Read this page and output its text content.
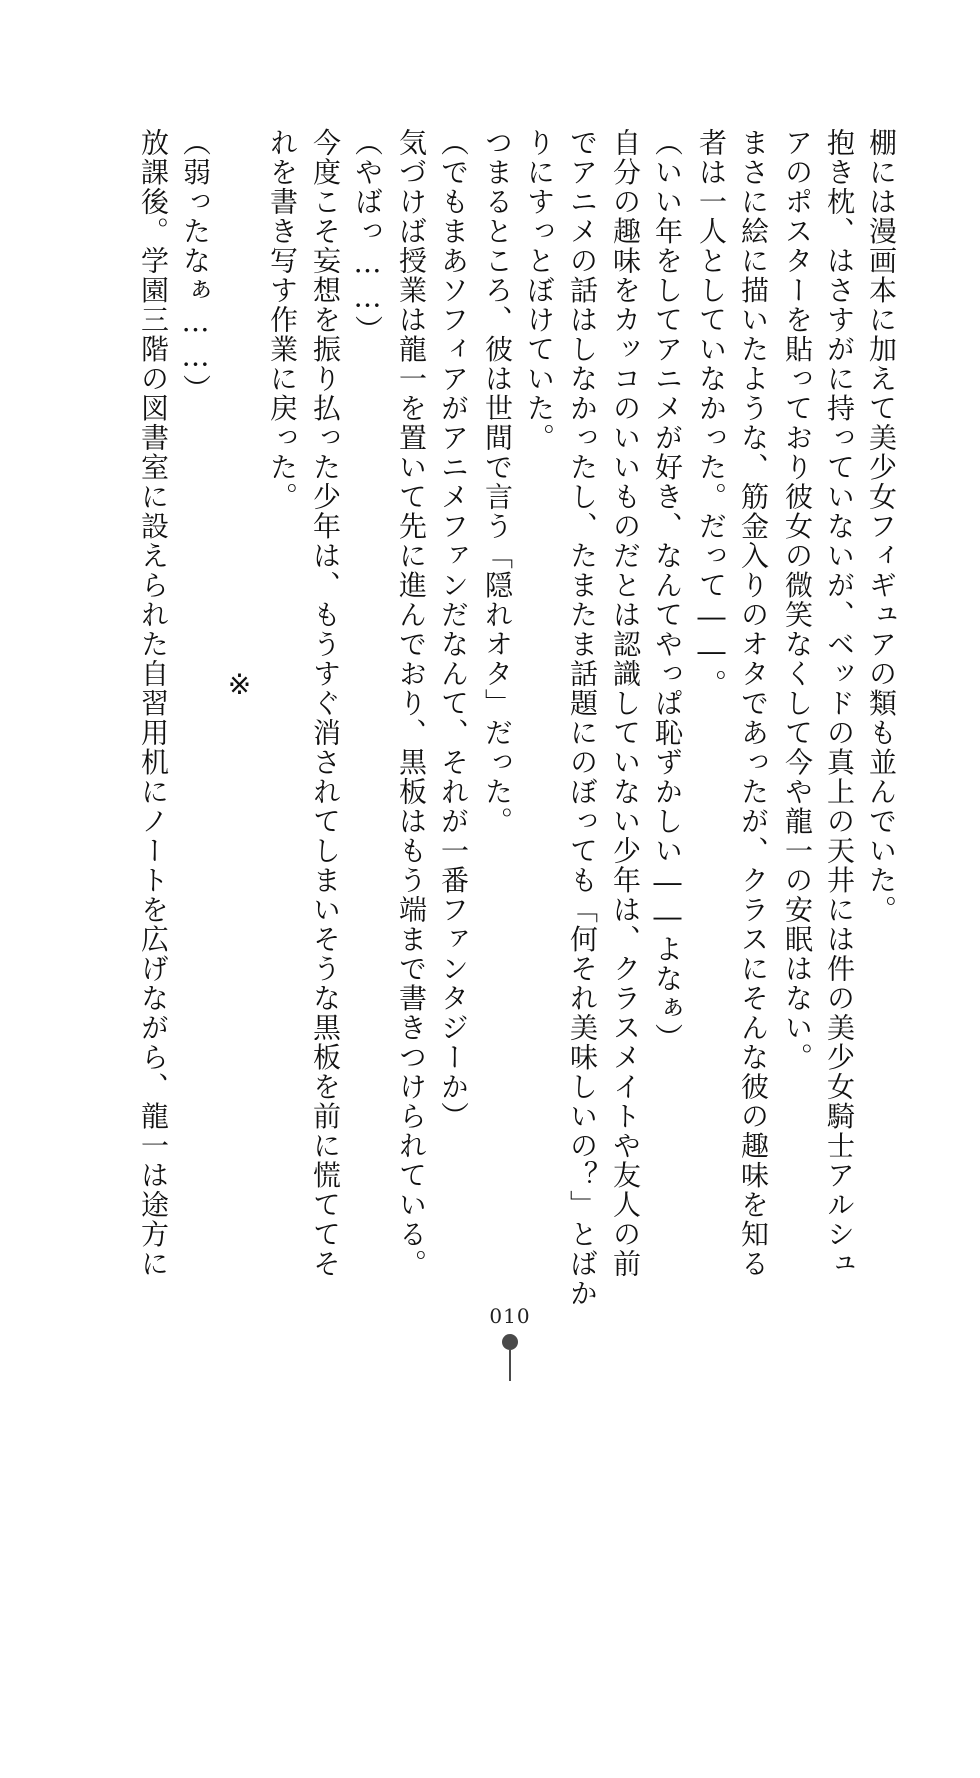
棚には漫画本に加えて美少女フィギュアの類も並んでいた。
抱き枕、はさすがに持っていないが、ベッドの真上の天井には件の美少女騎士アルシュ
アのポスターを貼っており彼女の微笑なくして今や龍一の安眠はない。
まさに絵に描いたような、筋金入りのオタであったが、クラスにそんな彼の趣味を知る
者は一人としていなかった。だって――。
（いい年をしてアニメが好き、なんてやっぱ恥ずかしい――よなぁ）
自分の趣味をカッコのいいものだとは認識していない少年は、クラスメイトや友人の前
でアニメの話はしなかったし、たまたま話題にのぼっても「何それ美味しいの？」とばか
りにすっとぼけていた。
つまるところ、彼は世間で言う「隠れオタ」だった。
（でもまあソフィアがアニメファンだなんて、それが一番ファンタジーか）
気づけば授業は龍一を置いて先に進んでおり、黒板はもう端まで書きつけられている。
（やばっ……）
今度こそ妄想を振り払った少年は、もうすぐ消されてしまいそうな黒板を前に慌ててそ
れを書き写す作業に戻った。
※
（弱ったなぁ……）
放課後。学園三階の図書室に設えられた自習用机にノートを広げながら、龍一は途方に
010
